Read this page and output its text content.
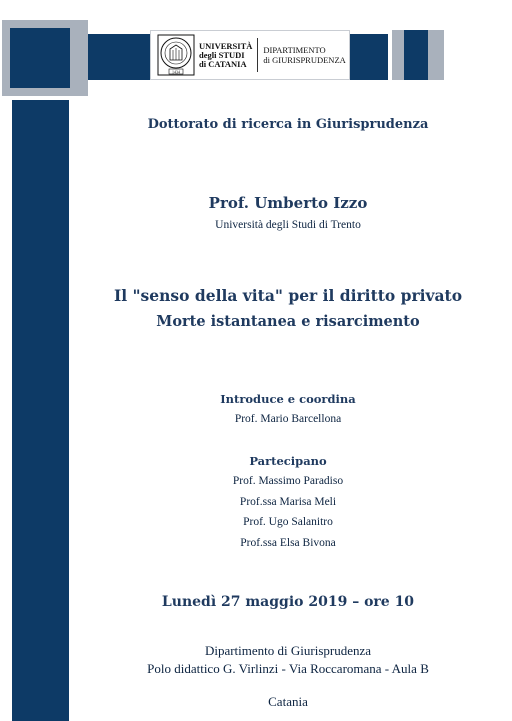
1434
UNIVERSITÀ
degli STUDI
di CATANIA
DIPARTIMENTO
di GIURISPRUDENZA
Dottorato di ricerca in Giurisprudenza
Prof. Umberto Izzo
Università degli Studi di Trento
Il "senso della vita" per il diritto privato
Morte istantanea e risarcimento
Introduce e coordina
Prof. Mario Barcellona
Partecipano
Prof. Massimo Paradiso
Prof.ssa Marisa Meli
Prof. Ugo Salanitro
Prof.ssa Elsa Bivona
Lunedì 27 maggio 2019 – ore 10
Dipartimento di Giurisprudenza
Polo didattico G. Virlinzi - Via Roccaromana - Aula B
Catania
